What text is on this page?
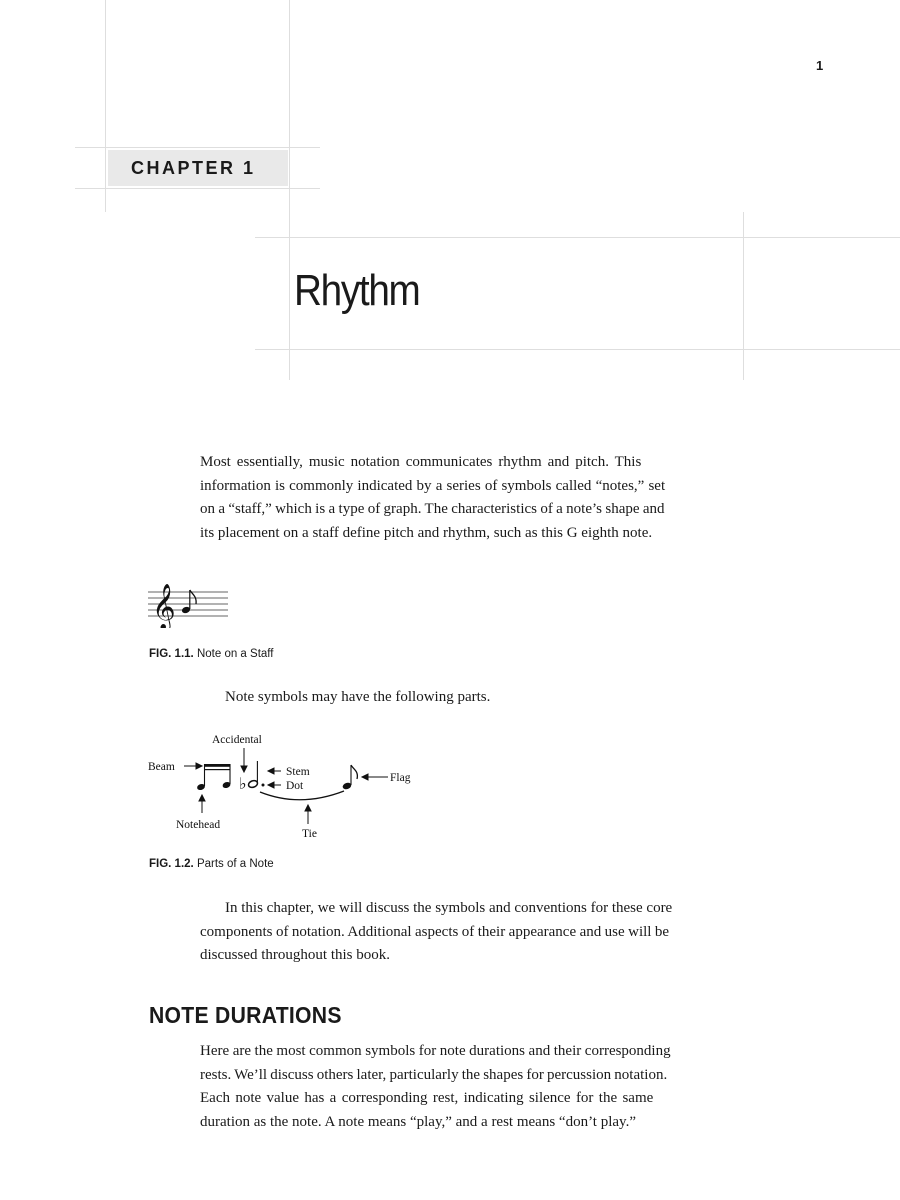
1
CHAPTER 1
Rhythm
Most essentially, music notation communicates rhythm and pitch. This
information is commonly indicated by a series of symbols called “notes,” set
on a “staff,” which is a type of graph. The characteristics of a note’s shape and
its placement on a staff define pitch and rhythm, such as this G eighth note.
𝄞
FIG. 1.1. Note on a Staff
Note symbols may have the following parts.
Accidental
Beam	Stem
Dot
Flag
Notehead
Tie
♭
FIG. 1.2. Parts of a Note
In this chapter, we will discuss the symbols and conventions for these core
components of notation. Additional aspects of their appearance and use will be
discussed throughout this book.
NOTE DURATIONS
Here are the most common symbols for note durations and their corresponding
rests. We’ll discuss others later, particularly the shapes for percussion notation.
Each note value has a corresponding rest, indicating silence for the same
duration as the note. A note means “play,” and a rest means “don’t play.”
